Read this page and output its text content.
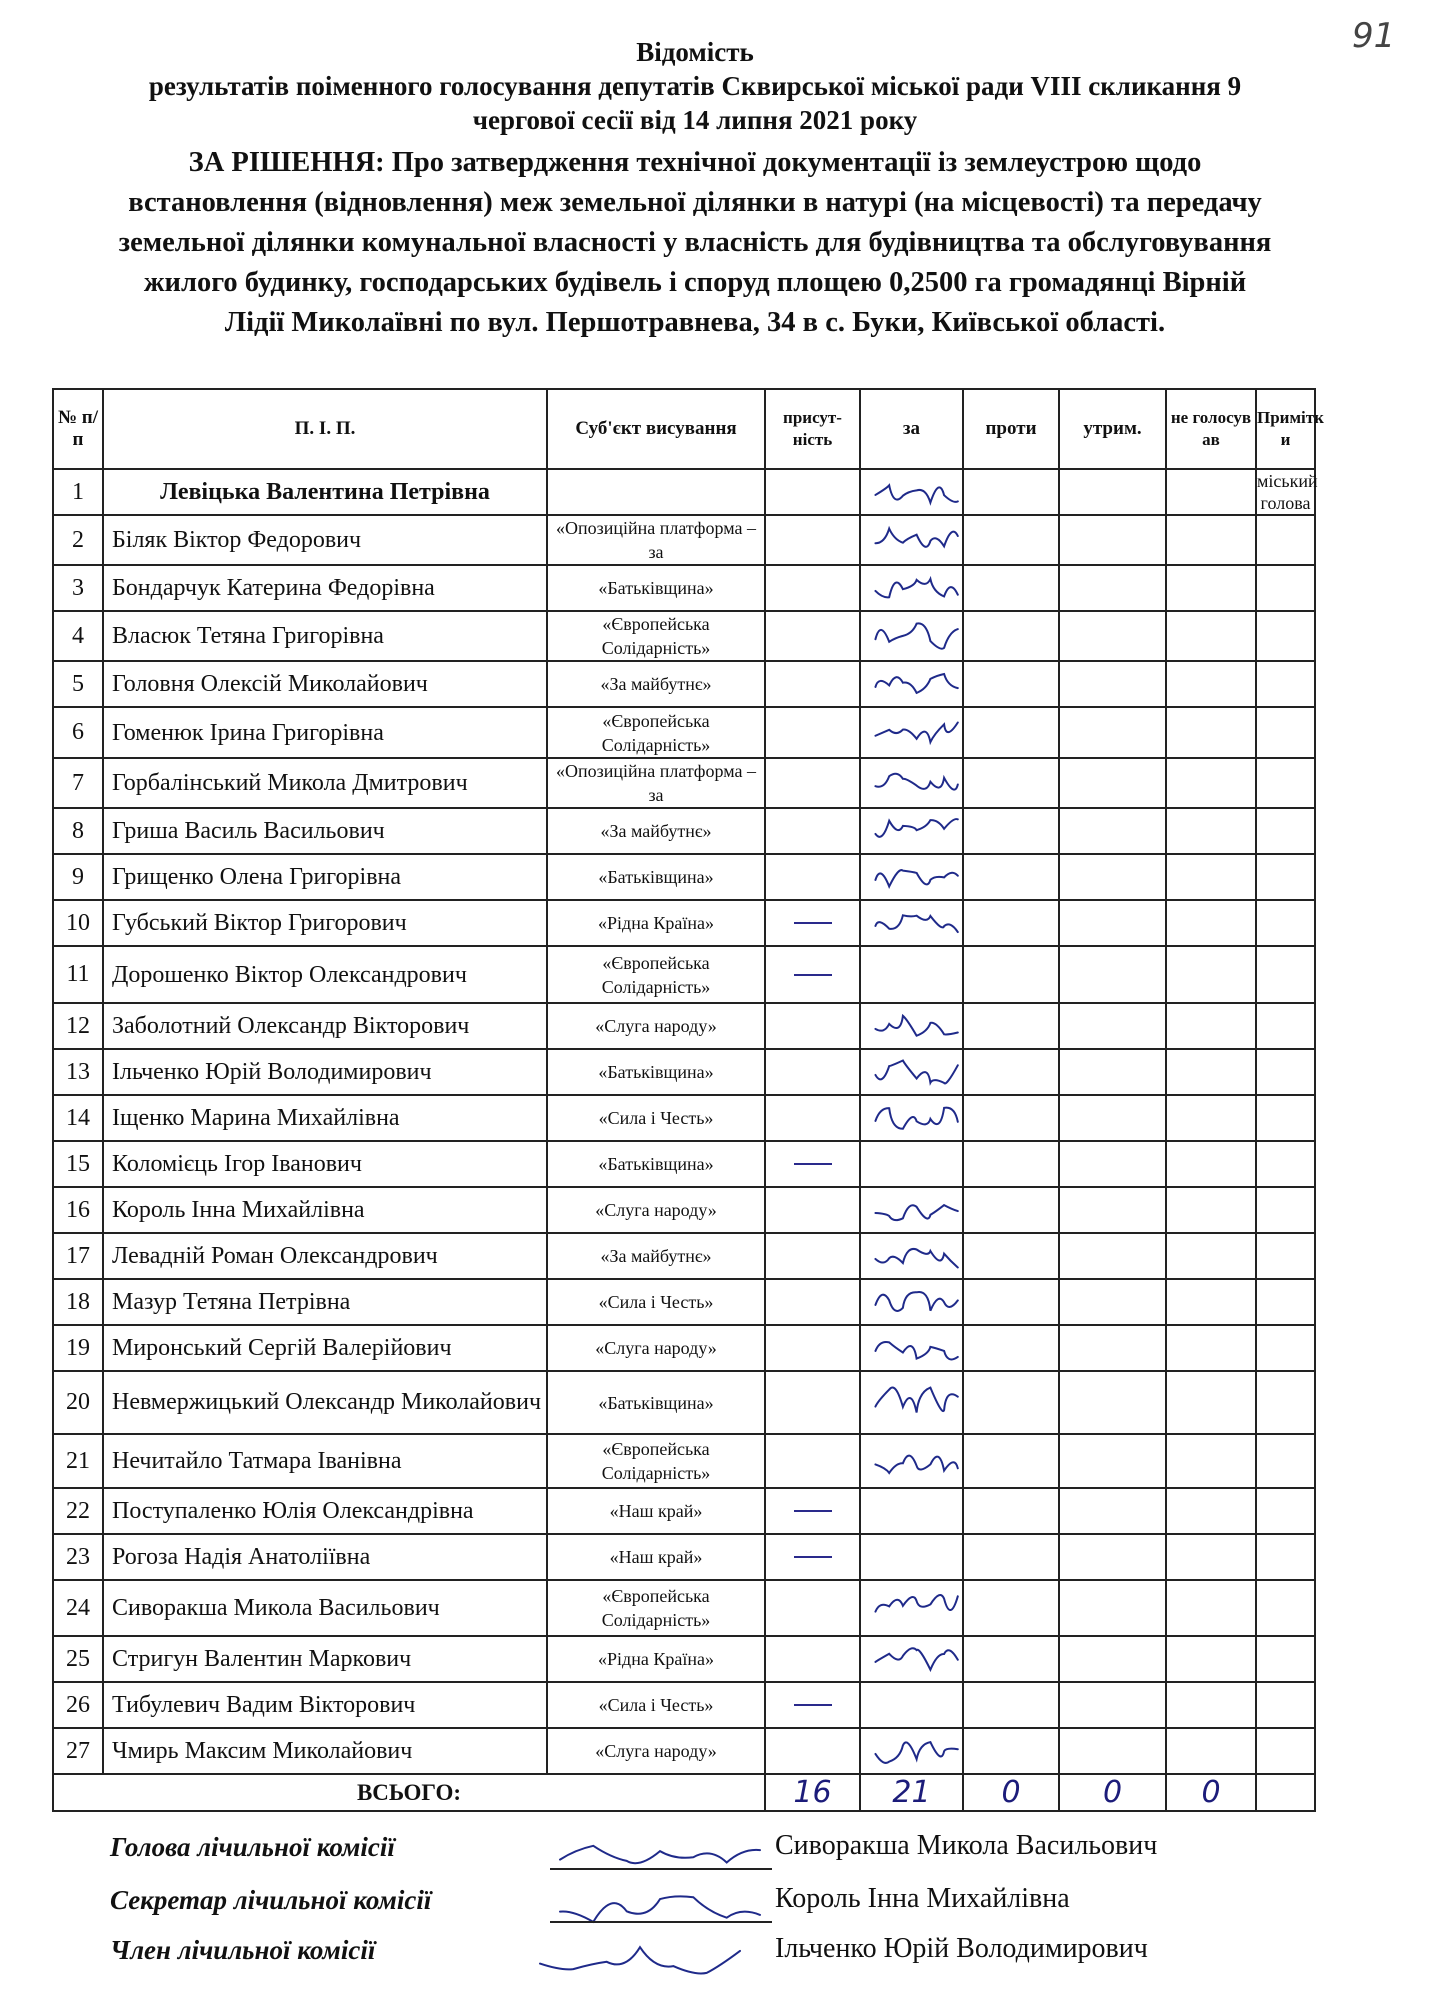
91
Відомість
результатів поіменного голосування депутатів Сквирської міської ради VIII скликання 9
чергової сесії від 14 липня 2021 року
ЗА РІШЕННЯ: Про затвердження технічної документації із землеустрою щодо
встановлення (відновлення) меж земельної ділянки в натурі (на місцевості) та передачу
земельної ділянки комунальної власності у власність для будівництва та обслуговування
жилого будинку, господарських будівель і споруд площею 0,2500 га громадянці Вірній
Лідії Миколаївні по вул. Першотравнева, 34 в с. Буки, Київської області.
№ п/п	П. І. П.	Суб'єкт висування	присут-ність	за	проти	утрим.	не голосув ав	Примітк и
1	Левіцька Валентина Петрівна							міський голова
2	Біляк Віктор Федорович	«Опозиційна платформа – за						
3	Бондарчук Катерина Федорівна	«Батьківщина»						
4	Власюк Тетяна Григорівна	«Європейська Солідарність»						
5	Головня Олексій Миколайович	«За майбутнє»						
6	Гоменюк Ірина Григорівна	«Європейська Солідарність»						
7	Горбалінський Микола Дмитрович	«Опозиційна платформа – за						
8	Гриша Василь Васильович	«За майбутнє»						
9	Грищенко Олена Григорівна	«Батьківщина»						
10	Губський Віктор Григорович	«Рідна Країна»	

11	Дорошенко Віктор Олександрович	«Європейська Солідарність»	

12	Заболотний Олександр Вікторович	«Слуга народу»						
13	Ільченко Юрій Володимирович	«Батьківщина»						
14	Іщенко Марина Михайлівна	«Сила і Честь»						
15	Коломієць Ігор Іванович	«Батьківщина»	

16	Король Інна Михайлівна	«Слуга народу»						
17	Левадній Роман Олександрович	«За майбутнє»						
18	Мазур Тетяна Петрівна	«Сила і Честь»						
19	Миронський Сергій Валерійович	«Слуга народу»						
20	Невмержицький Олександр Миколайович	«Батьківщина»						
21	Нечитайло Татмара Іванівна	«Європейська Солідарність»						
22	Поступаленко Юлія Олександрівна	«Наш край»	

23	Рогоза Надія Анатоліївна	«Наш край»	

24	Сиворакша Микола Васильович	«Європейська Солідарність»						
25	Стригун Валентин Маркович	«Рідна Країна»						
26	Тибулевич Вадим Вікторович	«Сила і Честь»	

27	Чмирь Максим Миколайович	«Слуга народу»						
ВСЬОГО:			16	21	0	0	0	
Голова лічильної комісії	Сиворакша Микола Васильович
Секретар лічильної комісії	Король Інна Михайлівна
Член лічильної комісії	Ільченко Юрій Володимирович
